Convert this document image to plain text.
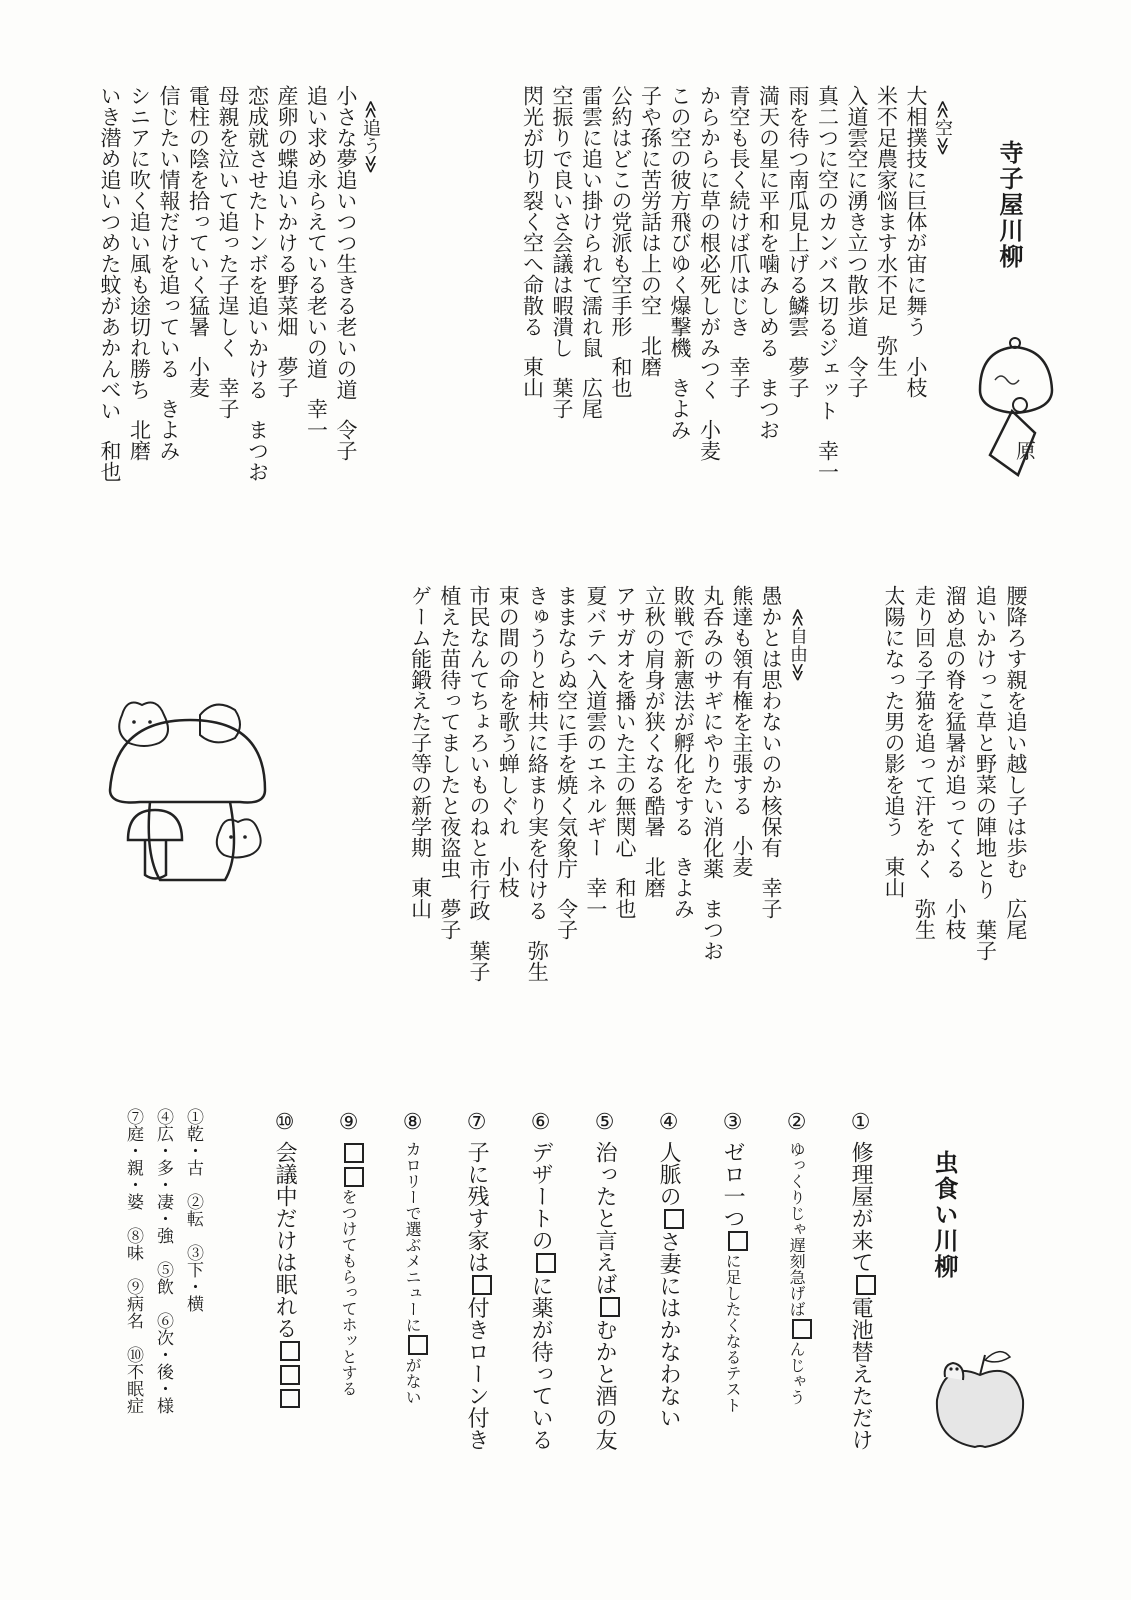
寺子屋川柳
原
≪空≫
大相撲技に巨体が宙に舞う小枝
米不足農家悩ます水不足弥生
入道雲空に湧き立つ散歩道令子
真二つに空のカンバス切るジェット幸一
雨を待つ南瓜見上げる鱗雲夢子
満天の星に平和を噛みしめるまつお
青空も長く続けば爪はじき幸子
からからに草の根必死しがみつく小麦
この空の彼方飛びゆく爆撃機きよみ
子や孫に苦労話は上の空北磨
公約はどこの党派も空手形和也
雷雲に追い掛けられて濡れ鼠広尾
空振りで良いさ会議は暇潰し葉子
閃光が切り裂く空へ命散る東山
≪追う≫
小さな夢追いつつ生きる老いの道令子
追い求め永らえている老いの道幸一
産卵の蝶追いかける野菜畑夢子
恋成就させたトンボを追いかけるまつお
母親を泣いて追った子逞しく幸子
電柱の陰を拾っていく猛暑小麦
信じたい情報だけを追っているきよみ
シニアに吹く追い風も途切れ勝ち北磨
いき潜め追いつめた蚊があかんべい和也
腰降ろす親を追い越し子は歩む広尾
追いかけっこ草と野菜の陣地とり葉子
溜め息の脊を猛暑が追ってくる小枝
走り回る子猫を追って汗をかく弥生
太陽になった男の影を追う東山
≪自由≫
愚かとは思わないのか核保有幸子
熊達も領有権を主張する小麦
丸呑みのサギにやりたい消化薬まつお
敗戦で新憲法が孵化をするきよみ
立秋の肩身が狭くなる酷暑北磨
アサガオを播いた主の無関心和也
夏バテへ入道雲のエネルギー幸一
ままならぬ空に手を焼く気象庁令子
きゅうりと柿共に絡まり実を付ける弥生
束の間の命を歌う蝉しぐれ小枝
市民なんてちょろいものねと市行政葉子
植えた苗待ってましたと夜盗虫夢子
ゲーム能鍛えた子等の新学期東山
虫食い川柳
①修理屋が来て電池替えただけ
②ゆっくりじゃ遅刻急げばんじゃう
③ゼロ一つに足したくなるテスト
④人脈のさ妻にはかなわない
⑤治ったと言えばむかと酒の友
⑥デザートのに薬が待っている
⑦子に残す家は付きローン付き
⑧カロリーで選ぶメニューにがない
⑨をつけてもらってホッとする
⑩会議中だけは眠れる
①乾・古　②転　③下・横
④広・多・凄・強　⑤飲　⑥次・後・様
⑦庭・親・婆　⑧味　⑨病名　⑩不眠症
